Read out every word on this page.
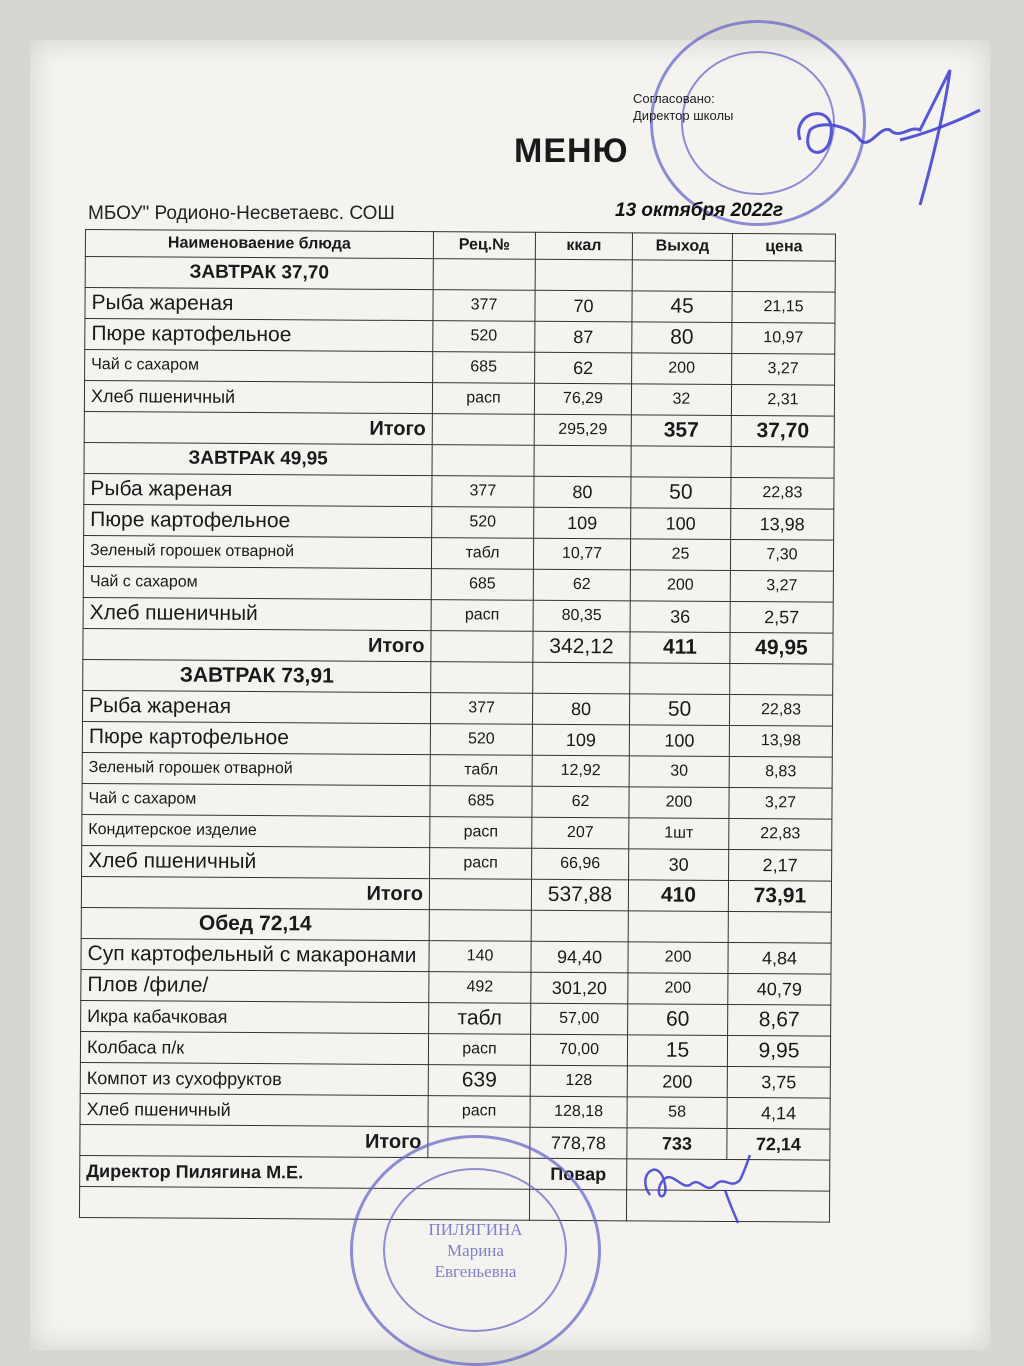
Согласовано:
Директор школы
МЕНЮ
МБОУ" Родионо-Несветаевс. СОШ	13 октября 2022г
Наименоваение блюда	Рец.№	ккал	Выход	цена
ЗАВТРАК 37,70				
Рыба жареная	377	70	45	21,15
Пюре картофельное	520	87	80	10,97
Чай с сахаром	685	62	200	3,27
Хлеб пшеничный	расп	76,29	32	2,31
Итого		295,29	357	37,70
ЗАВТРАК 49,95				
Рыба жареная	377	80	50	22,83
Пюре картофельное	520	109	100	13,98
Зеленый горошек отварной	табл	10,77	25	7,30
Чай с сахаром	685	62	200	3,27
Хлеб пшеничный	расп	80,35	36	2,57
Итого		342,12	411	49,95
ЗАВТРАК 73,91				
Рыба жареная	377	80	50	22,83
Пюре картофельное	520	109	100	13,98
Зеленый горошек отварной	табл	12,92	30	8,83
Чай с сахаром	685	62	200	3,27
Кондитерское изделие	расп	207	1шт	22,83
Хлеб пшеничный	расп	66,96	30	2,17
Итого		537,88	410	73,91
Обед 72,14				
Суп картофельный с макаронами	140	94,40	200	4,84
Плов /филе/	492	301,20	200	40,79
Икра кабачковая	табл	57,00	60	8,67
Колбаса п/к	расп	70,00	15	9,95
Компот из сухофруктов	639	128	200	3,75
Хлеб пшеничный	расп	128,18	58	4,14
Итого		778,78	733	72,14
Директор Пилягина М.Е.		Повар		

ПИЛЯГИНА
Марина
Евгеньевна
